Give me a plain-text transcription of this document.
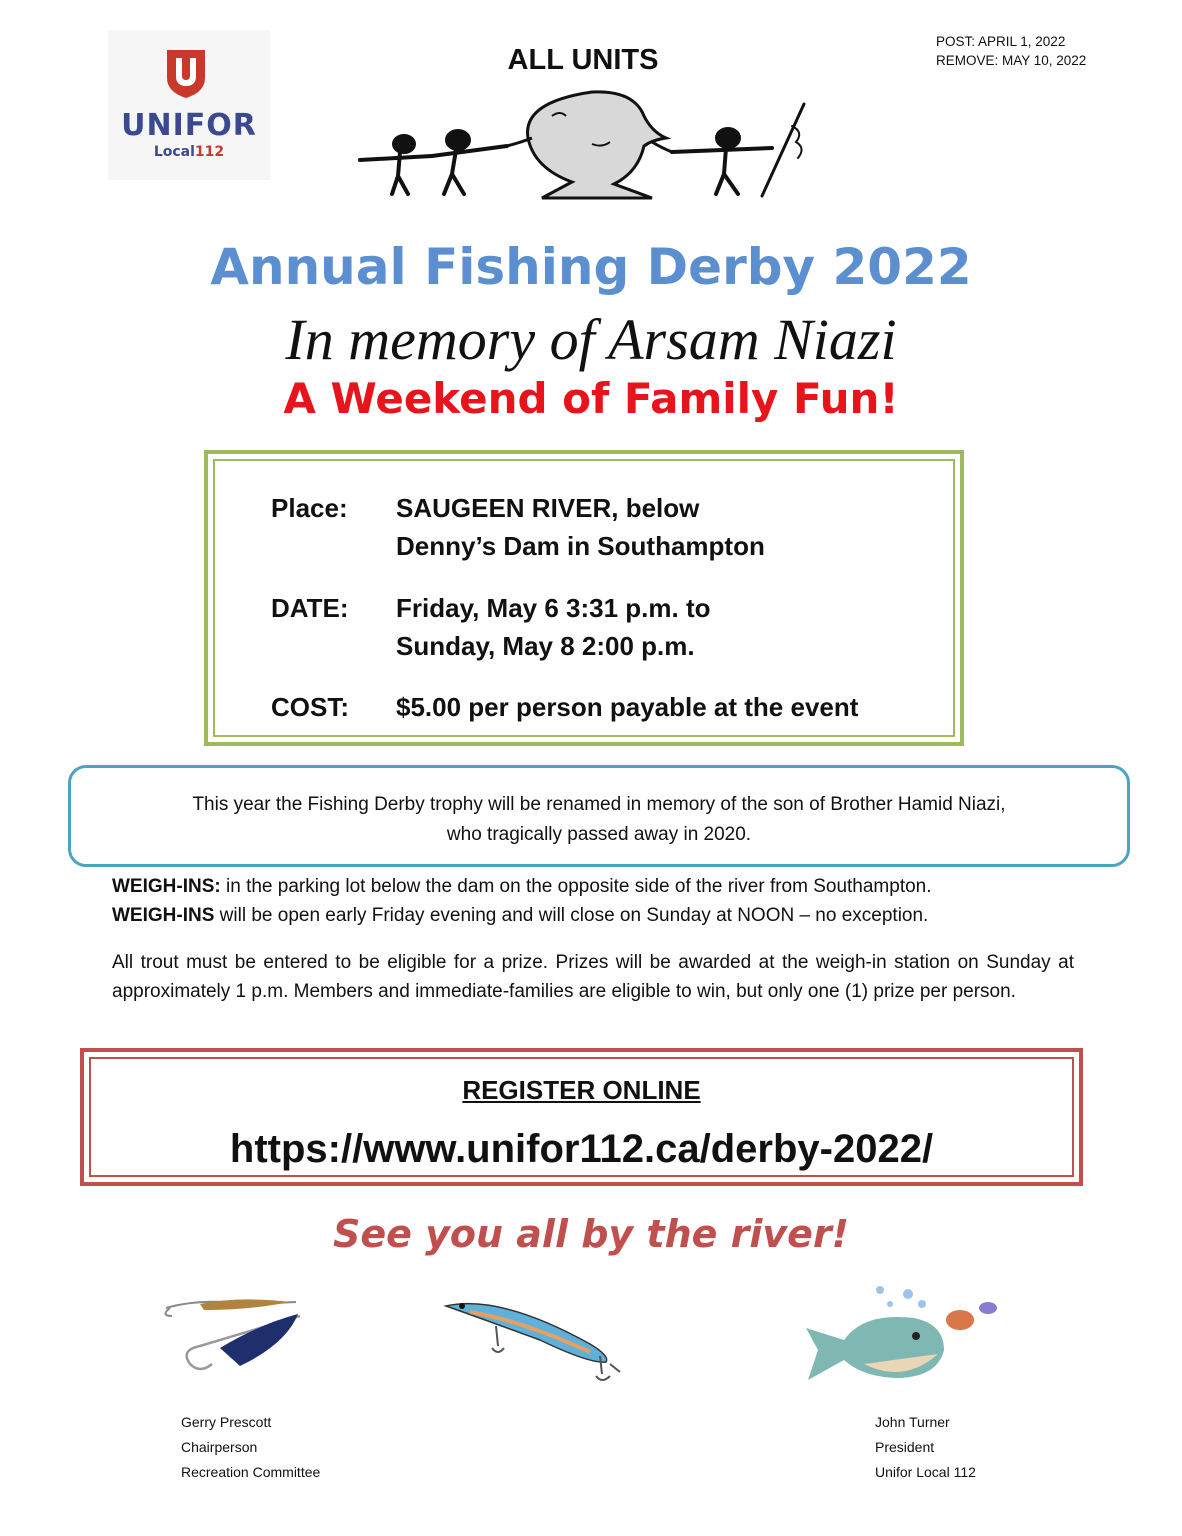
UNIFOR
Local112
POST: APRIL 1, 2022
REMOVE: MAY 10, 2022
ALL UNITS
Annual Fishing Derby 2022
In memory of Arsam Niazi
A Weekend of Family Fun!
Place:	SAUGEEN RIVER, below
Denny’s Dam in Southampton
DATE:	Friday, May 6 3:31 p.m. to
Sunday, May 8 2:00 p.m.
COST:	$5.00 per person payable at the event
This year the Fishing Derby trophy will be renamed in memory of the son of Brother Hamid Niazi,
who tragically passed away in 2020.
WEIGH-INS: in the parking lot below the dam on the opposite side of the river from Southampton.
WEIGH-INS will be open early Friday evening and will close on Sunday at NOON – no exception.
All trout must be entered to be eligible for a prize. Prizes will be awarded at the weigh-in station on Sunday at approximately 1 p.m. Members and immediate-families are eligible to win, but only one (1) prize per person.
REGISTER ONLINE
https://www.unifor112.ca/derby-2022/
See you all by the river!
Gerry Prescott
Chairperson
Recreation Committee
John Turner
President
Unifor Local 112
